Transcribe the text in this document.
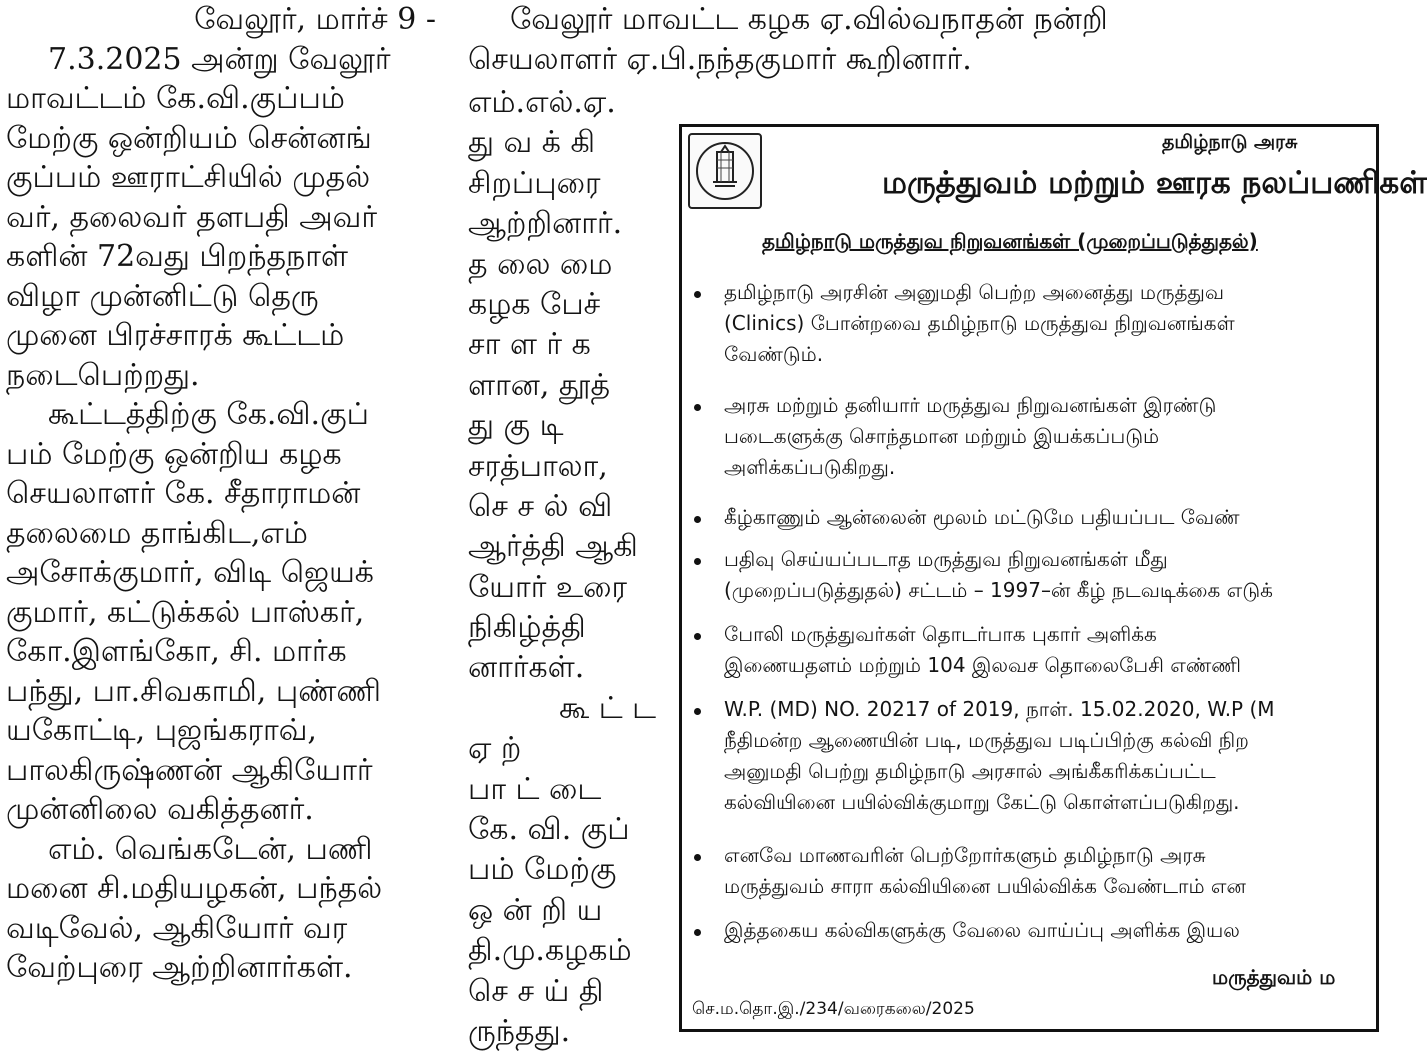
வேலூர், மார்ச் 9 -
7.3.2025 அன்று வேலூர்
மாவட்டம் கே.வி.குப்பம்
மேற்கு ஒன்றியம் சென்னங்
குப்பம் ஊராட்சியில் முதல்
வர், தலைவர் தளபதி அவர்
களின் 72வது பிறந்தநாள்
விழா முன்னிட்டு தெரு
முனை பிரச்சாரக் கூட்டம்
நடைபெற்றது.
கூட்டத்திற்கு கே.வி.குப்
பம் மேற்கு ஒன்றிய கழக
செயலாளர் கே. சீதாராமன்
தலைமை தாங்கிட,எம்
அசோக்குமார், விடி ஜெயக்
குமார், கட்டுக்கல் பாஸ்கர்,
கோ.இளங்கோ, சி. மார்க
பந்து, பா.சிவகாமி, புண்ணி
யகோட்டி, புஜங்கராவ்,
பாலகிருஷ்ணன் ஆகியோர்
முன்னிலை வகித்தனர்.
எம். வெங்கடேன், பணி
மனை சி.மதியழகன், பந்தல்
வடிவேல், ஆகியோர் வர
வேற்புரை ஆற்றினார்கள்.
வேலூர் மாவட்ட கழக ஏ.வில்வநாதன் நன்றி
செயலாளர் ஏ.பி.நந்தகுமார் கூறினார்.
எம்.எல்.ஏ.
து வ க் கி
சிறப்புரை
ஆற்றினார்.
த லை மை
கழக பேச்
சா ள ர் க
ளான, தூத்
து கு டி
சரத்பாலா,
செ ச ல் வி
ஆர்த்தி ஆகி
யோர் உரை
நிகிழ்த்தி
னார்கள்.
கூ ட் ட
ஏ ற்
பா ட் டை
கே. வி. குப்
பம் மேற்கு
ஒ ன் றி ய
தி.மு.கழகம்
செ ச ய் தி
ருந்தது.
தமிழ்நாடு அரசு
மருத்துவம் மற்றும் ஊரக நலப்பணிகள்
தமிழ்நாடு மருத்துவ நிறுவனங்கள் (முறைப்படுத்துதல்)
தமிழ்நாடு அரசின் அனுமதி பெற்ற அனைத்து மருத்துவ
(Clinics) போன்றவை தமிழ்நாடு மருத்துவ நிறுவனங்கள்
வேண்டும்.
அரசு மற்றும் தனியார் மருத்துவ நிறுவனங்கள் இரண்டு
படைகளுக்கு சொந்தமான மற்றும் இயக்கப்படும்
அளிக்கப்படுகிறது.
கீழ்காணும் ஆன்லைன் மூலம் மட்டுமே பதியப்பட வேண்
பதிவு செய்யப்படாத மருத்துவ நிறுவனங்கள் மீது
(முறைப்படுத்துதல்) சட்டம் – 1997–ன் கீழ் நடவடிக்கை எடுக்
போலி மருத்துவர்கள் தொடர்பாக புகார் அளிக்க
இணையதளம் மற்றும் 104 இலவச தொலைபேசி எண்ணி
W.P. (MD) NO. 20217 of 2019, நாள். 15.02.2020, W.P (M
நீதிமன்ற ஆணையின் படி, மருத்துவ படிப்பிற்கு கல்வி நிற
அனுமதி பெற்று தமிழ்நாடு அரசால் அங்கீகரிக்கப்பட்ட
கல்வியினை பயில்விக்குமாறு கேட்டு கொள்ளப்படுகிறது.
எனவே மாணவரின் பெற்றோர்களும் தமிழ்நாடு அரசு
மருத்துவம் சாரா கல்வியினை பயில்விக்க வேண்டாம் என
இத்தகைய கல்விகளுக்கு வேலை வாய்ப்பு அளிக்க இயல
மருத்துவம் ம
செ.ம.தொ.இ./234/வரைகலை/2025
